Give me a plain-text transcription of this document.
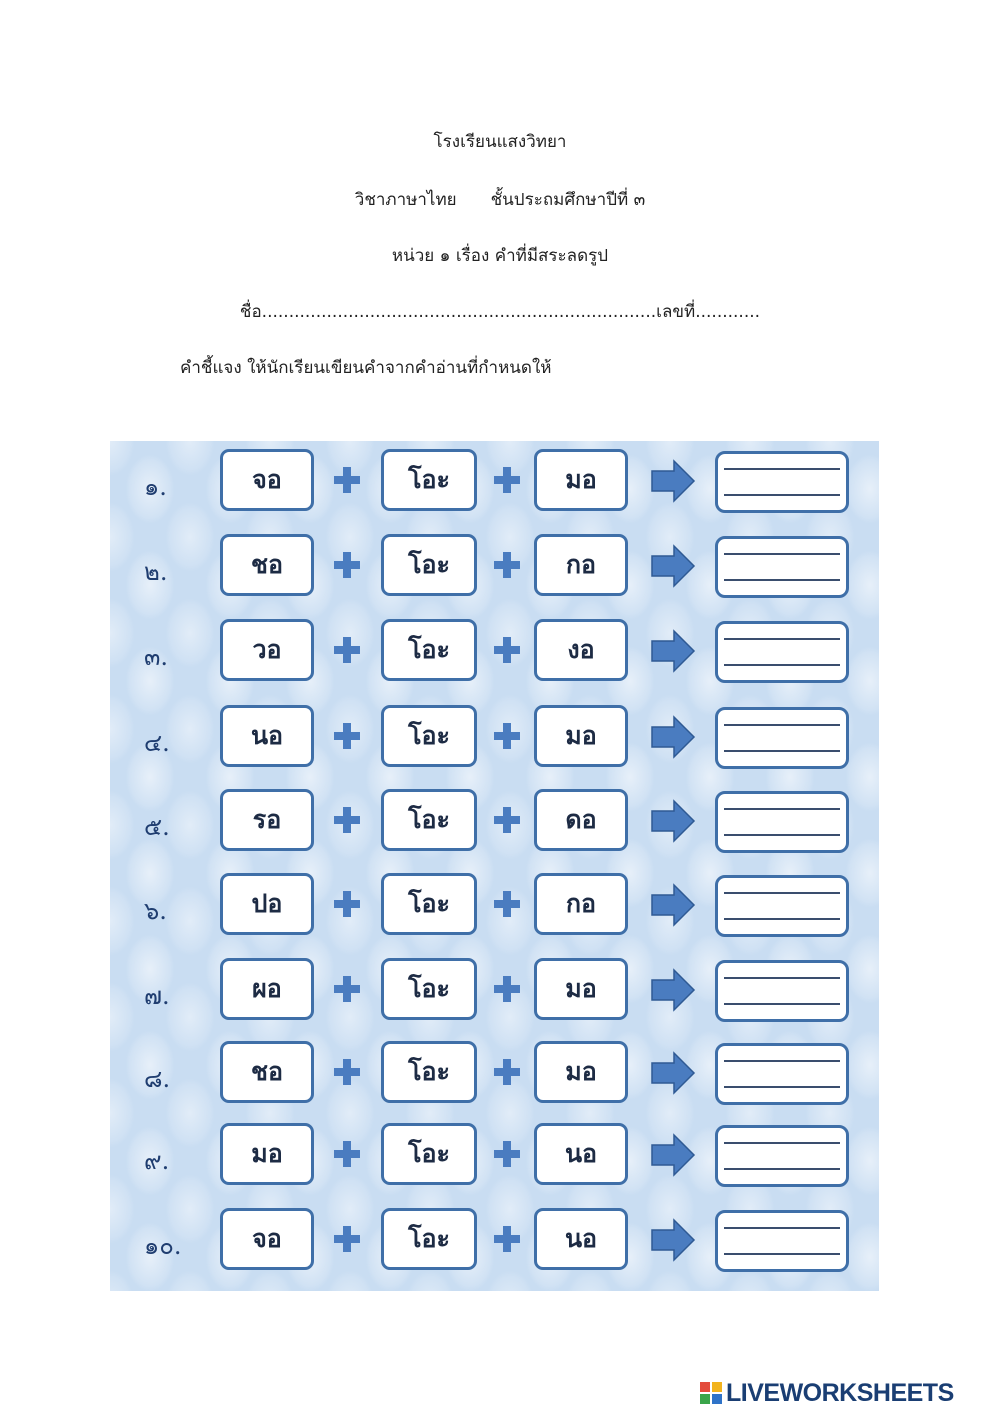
โรงเรียนแสงวิทยา
วิชาภาษาไทย ชั้นประถมศึกษาปีที่ ๓
หน่วย ๑ เรื่อง คำที่มีสระลดรูป
ชื่อ.........................................................................เลขที่............
คำชี้แจง ให้นักเรียนเขียนคำจากคำอ่านที่กำหนดให้
๑.	จอ	โอะ	มอ
๒.	ชอ	โอะ	กอ
๓.	วอ	โอะ	งอ
๔.	นอ	โอะ	มอ
๕.	รอ	โอะ	ดอ
๖.	ปอ	โอะ	กอ
๗.	ผอ	โอะ	มอ
๘.	ชอ	โอะ	มอ
๙.	มอ	โอะ	นอ
๑๐.	จอ	โอะ	นอ
LIVEWORKSHEETS
